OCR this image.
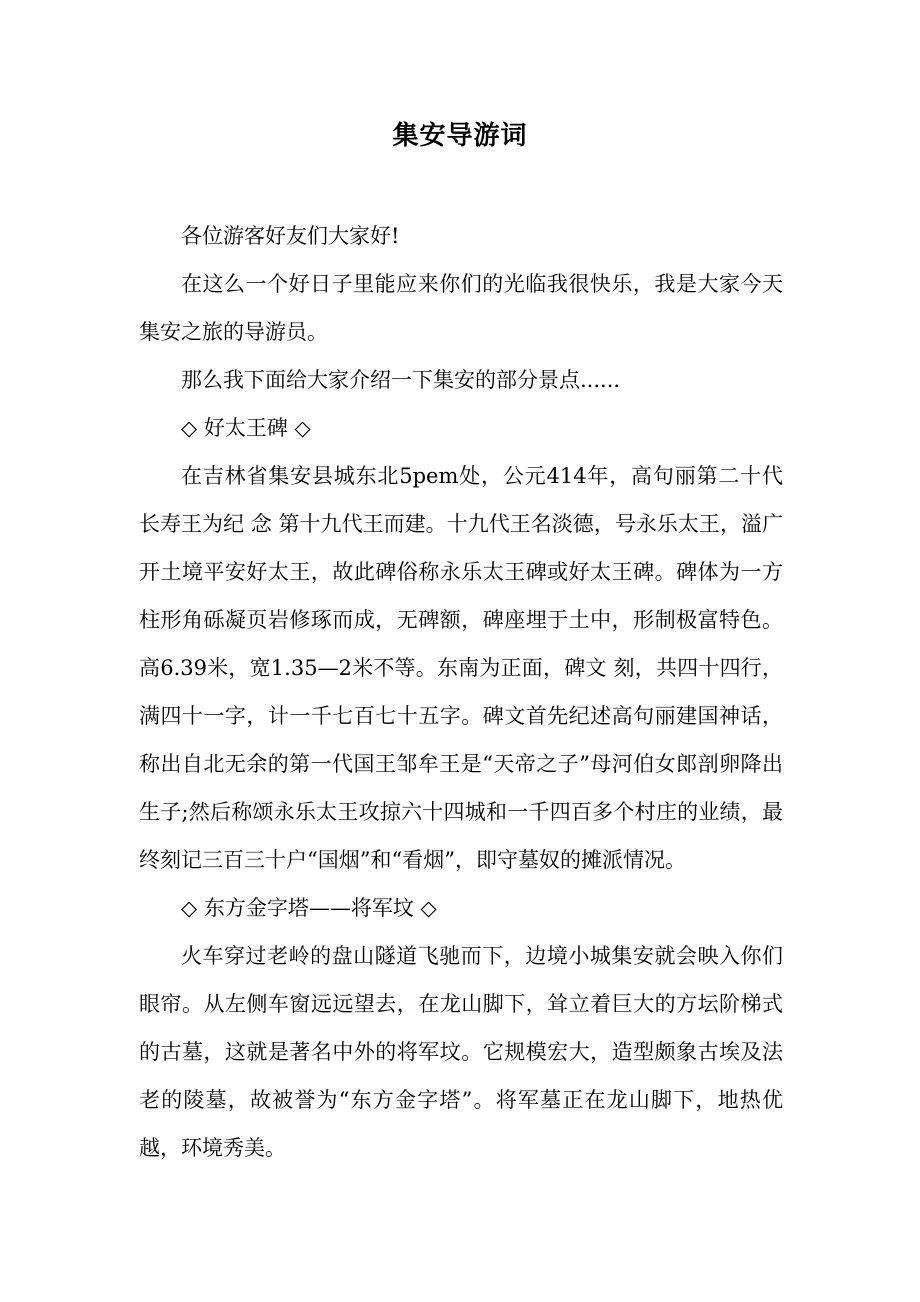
集安导游词

各位游客好友们大家好!

在这么一个好日子里能应来你们的光临我很快乐，我是大家今天集安之旅的导游员。

那么我下面给大家介绍一下集安的部分景点......

◇ 好太王碑 ◇

在吉林省集安县城东北5pem处，公元414年，高句丽第二十代长寿王为纪 念 第十九代王而建。十九代王名淡德，号永乐太王，溢广开土境平安好太王，故此碑俗称永乐太王碑或好太王碑。碑体为一方柱形角砾凝页岩修琢而成，无碑额，碑座埋于土中，形制极富特色。高6.39米，宽1.35—2米不等。东南为正面，碑文 刻，共四十四行，满四十一字，计一千七百七十五字。碑文首先纪述高句丽建国神话，称出自北无余的第一代国王邹牟王是“天帝之子”母河伯女郎剖卵降出生子;然后称颂永乐太王攻掠六十四城和一千四百多个村庄的业绩，最终刻记三百三十户“国烟”和“看烟”，即守墓奴的摊派情况。

◇ 东方金字塔——将军坟 ◇

火车穿过老岭的盘山隧道飞驰而下，边境小城集安就会映入你们眼帘。从左侧车窗远远望去，在龙山脚下，耸立着巨大的方坛阶梯式的古墓，这就是著名中外的将军坟。它规模宏大，造型颇象古埃及法老的陵墓，故被誉为“东方金字塔”。将军墓正在龙山脚下，地热优越，环境秀美。
